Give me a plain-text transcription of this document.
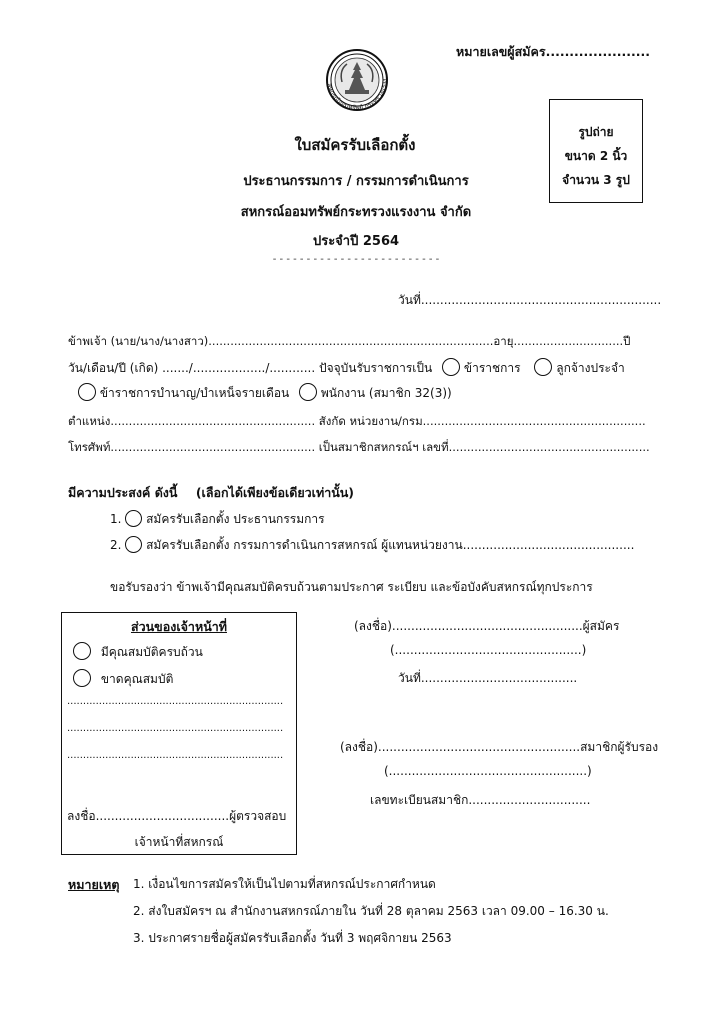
หมายเลขผู้สมัคร......................
สหกรณ์ออมทรัพย์ กระทรวงแรงง
รูปถ่าย
ขนาด 2 นิ้ว
จำนวน 3 รูป
ใบสมัครรับเลือกตั้ง
ประธานกรรมการ / กรรมการดำเนินการ
สหกรณ์ออมทรัพย์กระทรวงแรงงาน จำกัด
ประจำปี 2564
- - - - - - - - - - - - - - - - - - - - - - - - -
วันที่...............................................................
ข้าพเจ้า (นาย/นาง/นางสาว)..............................................................................อายุ..............................ปี
วัน/เดือน/ปี (เกิด) ......./.................../............ ปัจจุบันรับราชการเป็น	ข้าราชการ	ลูกจ้างประจำ
ข้าราชการบำนาญ/บำเหน็จรายเดือน	พนักงาน (สมาชิก 32(3))
ตำแหน่ง........................................................ สังกัด หน่วยงาน/กรม.............................................................
โทรศัพท์........................................................ เป็นสมาชิกสหกรณ์ฯ เลขที่.......................................................
มีความประสงค์ ดังนี้ (เลือกได้เพียงข้อเดียวเท่านั้น)
1. สมัครรับเลือกตั้ง ประธานกรรมการ
2. สมัครรับเลือกตั้ง กรรมการดำเนินการสหกรณ์ ผู้แทนหน่วยงาน.............................................
ขอรับรองว่า ข้าพเจ้ามีคุณสมบัติครบถ้วนตามประกาศ ระเบียบ และข้อบังคับสหกรณ์ทุกประการ
ส่วนของเจ้าหน้าที่
มีคุณสมบัติครบถ้วน
ขาดคุณสมบัติ
....................................................................
....................................................................
....................................................................
ลงชื่อ...................................ผู้ตรวจสอบ
เจ้าหน้าที่สหกรณ์
(ลงชื่อ)..................................................ผู้สมัคร
(.................................................)
วันที่.........................................
(ลงชื่อ).....................................................สมาชิกผู้รับรอง
(....................................................)
เลขทะเบียนสมาชิก................................
หมายเหตุ 1. เงื่อนไขการสมัครให้เป็นไปตามที่สหกรณ์ประกาศกำหนด
2. ส่งใบสมัครฯ ณ สำนักงานสหกรณ์ภายใน วันที่ 28 ตุลาคม 2563 เวลา 09.00 – 16.30 น.
3. ประกาศรายชื่อผู้สมัครรับเลือกตั้ง วันที่ 3 พฤศจิกายน 2563
